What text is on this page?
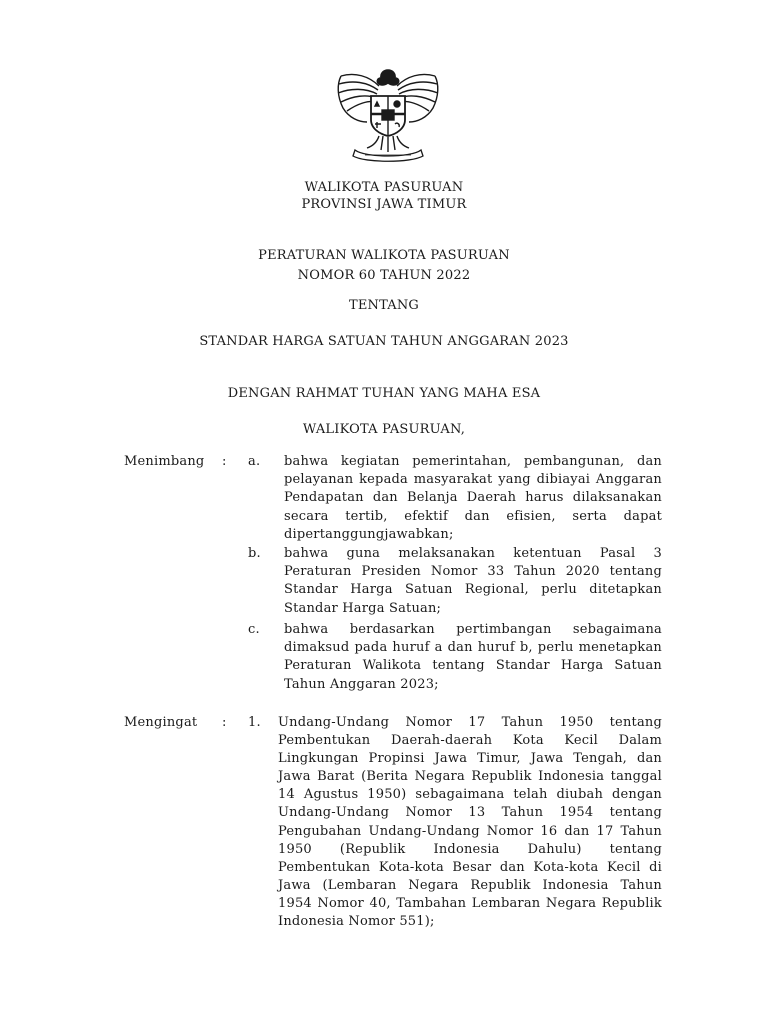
WALIKOTA PASURUAN
PROVINSI JAWA TIMUR
PERATURAN WALIKOTA PASURUAN
NOMOR 60 TAHUN 2022
TENTANG
STANDAR HARGA SATUAN TAHUN ANGGARAN 2023
DENGAN RAHMAT TUHAN YANG MAHA ESA
WALIKOTA PASURUAN,
Menimbang : a. bahwa kegiatan pemerintahan, pembangunan, dan pelayanan kepada masyarakat yang dibiayai Anggaran Pendapatan dan Belanja Daerah harus dilaksanakan secara tertib, efektif dan efisien, serta dapat dipertanggungjawabkan;
b. bahwa guna melaksanakan ketentuan Pasal 3 Peraturan Presiden Nomor 33 Tahun 2020 tentang Standar Harga Satuan Regional, perlu ditetapkan Standar Harga Satuan;
c. bahwa berdasarkan pertimbangan sebagaimana dimaksud pada huruf a dan huruf b, perlu menetapkan Peraturan Walikota tentang Standar Harga Satuan Tahun Anggaran 2023;
Mengingat : 1. Undang-Undang Nomor 17 Tahun 1950 tentang Pembentukan Daerah-daerah Kota Kecil Dalam Lingkungan Propinsi Jawa Timur, Jawa Tengah, dan Jawa Barat (Berita Negara Republik Indonesia tanggal 14 Agustus 1950) sebagaimana telah diubah dengan Undang-Undang Nomor 13 Tahun 1954 tentang Pengubahan Undang-Undang Nomor 16 dan 17 Tahun 1950 (Republik Indonesia Dahulu) tentang Pembentukan Kota-kota Besar dan Kota-kota Kecil di Jawa (Lembaran Negara Republik Indonesia Tahun 1954 Nomor 40, Tambahan Lembaran Negara Republik Indonesia Nomor 551);
